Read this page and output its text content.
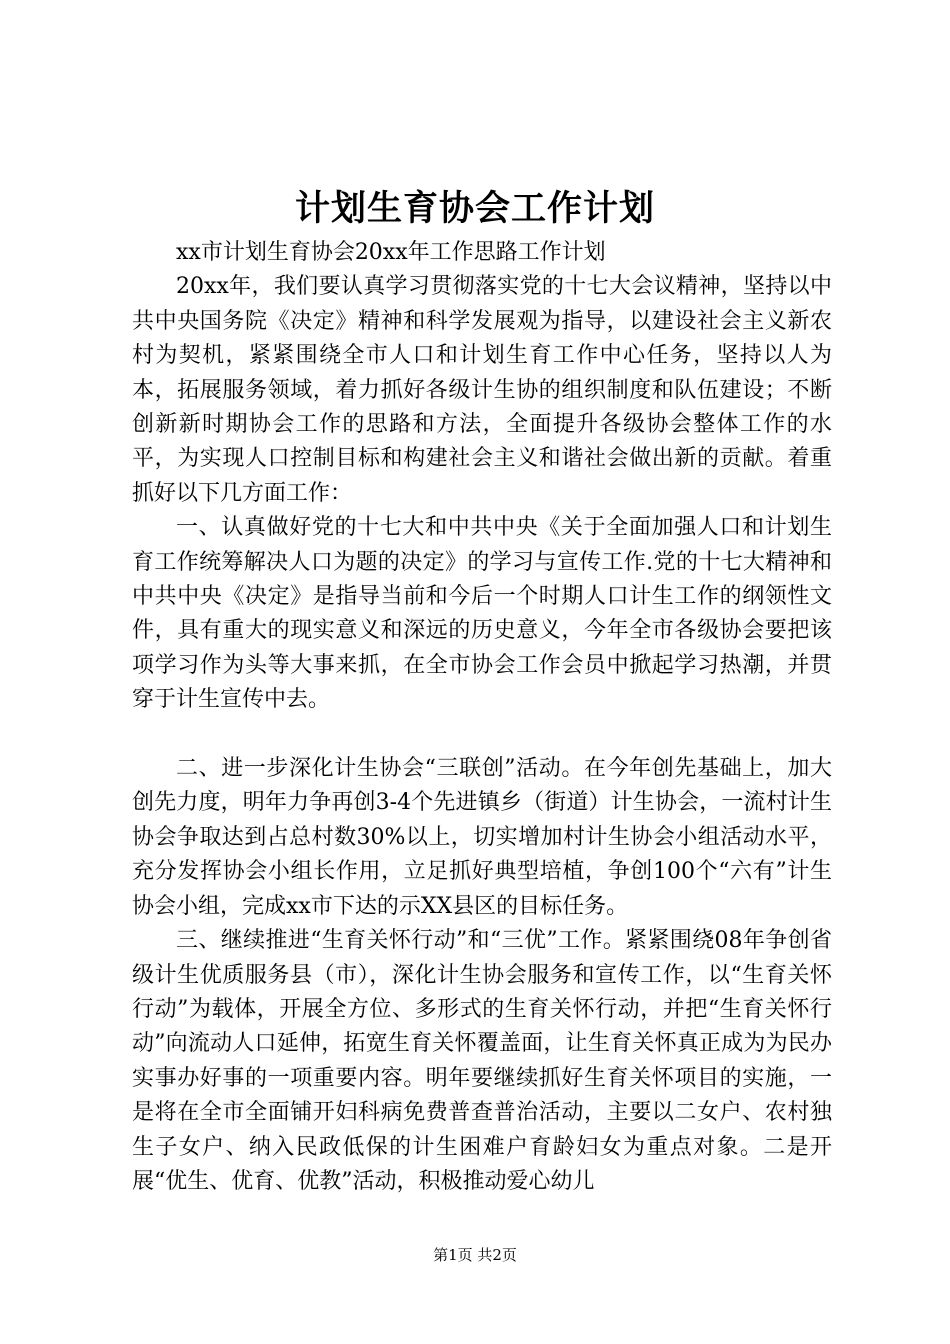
计划生育协会工作计划

xx市计划生育协会20xx年工作思路工作计划

20xx年，我们要认真学习贯彻落实党的十七大会议精神，坚持以中共中央国务院《决定》精神和科学发展观为指导，以建设社会主义新农村为契机，紧紧围绕全市人口和计划生育工作中心任务，坚持以人为本，拓展服务领域，着力抓好各级计生协的组织制度和队伍建设；不断创新新时期协会工作的思路和方法，全面提升各级协会整体工作的水平，为实现人口控制目标和构建社会主义和谐社会做出新的贡献。着重抓好以下几方面工作：

一、认真做好党的十七大和中共中央《关于全面加强人口和计划生育工作统筹解决人口为题的决定》的学习与宣传工作.党的十七大精神和中共中央《决定》是指导当前和今后一个时期人口计生工作的纲领性文件，具有重大的现实意义和深远的历史意义，今年全市各级协会要把该项学习作为头等大事来抓，在全市协会工作会员中掀起学习热潮，并贯穿于计生宣传中去。

二、进一步深化计生协会“三联创”活动。在今年创先基础上，加大创先力度，明年力争再创3-4个先进镇乡（街道）计生协会，一流村计生协会争取达到占总村数30%以上，切实增加村计生协会小组活动水平，充分发挥协会小组长作用，立足抓好典型培植，争创100个“六有”计生协会小组，完成xx市下达的示XX县区的目标任务。

三、继续推进“生育关怀行动”和“三优”工作。紧紧围绕08年争创省级计生优质服务县（市），深化计生协会服务和宣传工作，以“生育关怀行动”为载体，开展全方位、多形式的生育关怀行动，并把“生育关怀行动”向流动人口延伸，拓宽生育关怀覆盖面，让生育关怀真正成为为民办实事办好事的一项重要内容。明年要继续抓好生育关怀项目的实施，一是将在全市全面铺开妇科病免费普查普治活动，主要以二女户、农村独生子女户、纳入民政低保的计生困难户育龄妇女为重点对象。二是开展“优生、优育、优教”活动，积极推动爱心幼儿

第1页 共2页
